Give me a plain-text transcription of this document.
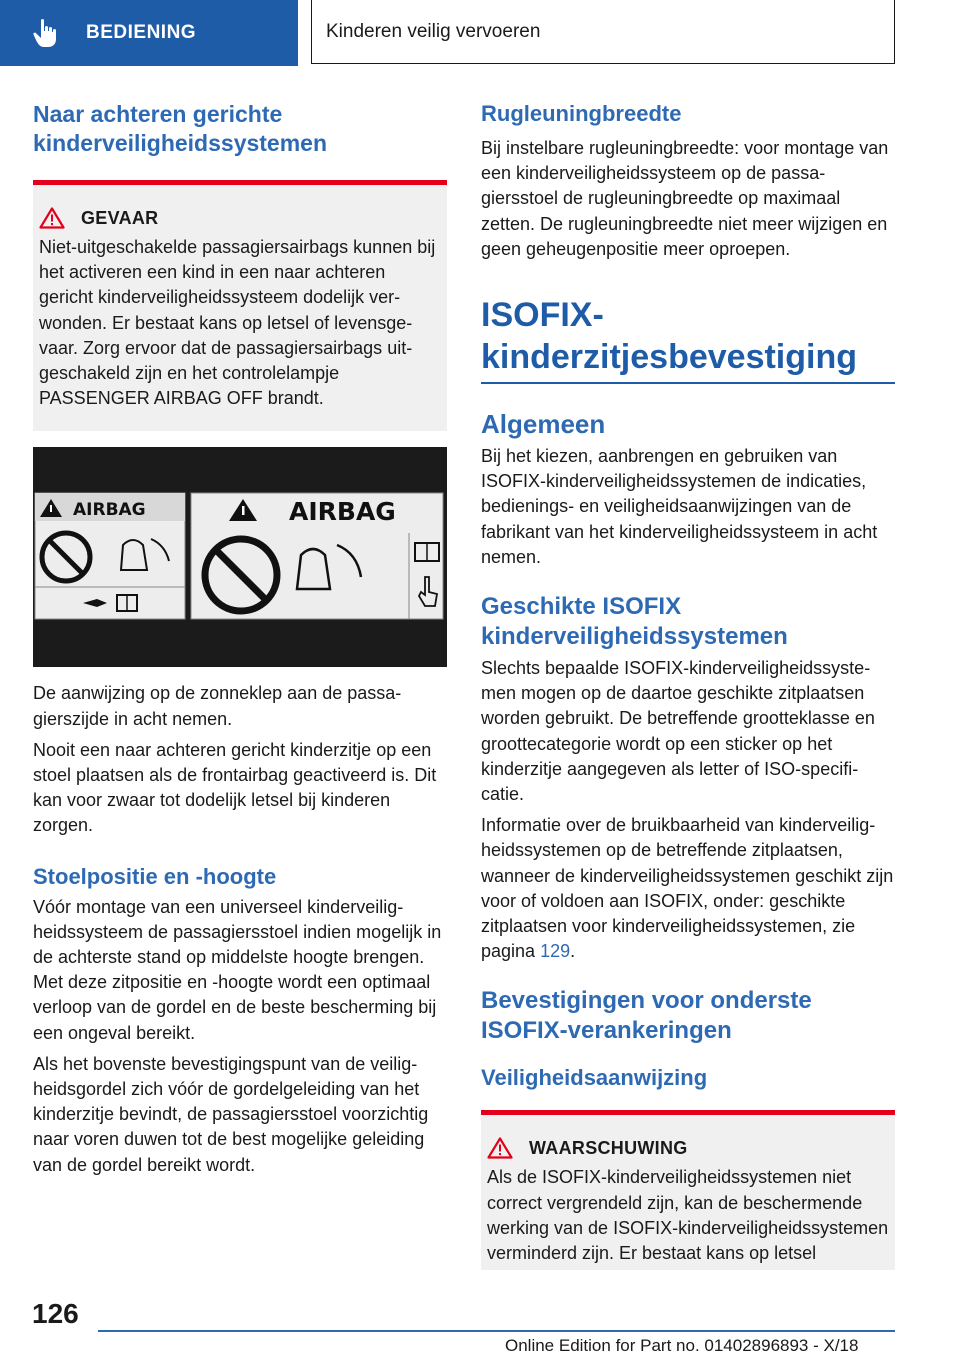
BEDIENING	Kinderen veilig vervoeren
Naar achteren gerichte kinderveiligheidssystemen
GEVAAR

Niet-uitgeschakelde passagiersairbags kunnen bij het activeren een kind in een naar achteren gericht kinderveiligheidssysteem dodelijk verwonden. Er bestaat kans op letsel of levensgevaar. Zorg ervoor dat de passagiersairbags uitgeschakeld zijn en het controlelampje PASSENGER AIRBAG OFF brandt.

AIRBAG	AIRBAG

De aanwijzing op de zonneklep aan de passagierszijde in acht nemen.

Nooit een naar achteren gericht kinderzitje op een stoel plaatsen als de frontairbag geactiveerd is. Dit kan voor zwaar tot dodelijk letsel bij kinderen zorgen.

Stoelpositie en -hoogte

Vóór montage van een universeel kinderveiligheidssysteem de passagiersstoel indien mogelijk in de achterste stand op middelste hoogte brengen. Met deze zitpositie en -hoogte wordt een optimaal verloop van de gordel en de beste bescherming bij een ongeval bereikt.

Als het bovenste bevestigingspunt van de veiligheidsgordel zich vóór de gordelgeleiding van het kinderzitje bevindt, de passagiersstoel voorzichtig naar voren duwen tot de best mogelijke geleiding van de gordel bereikt wordt.

Rugleuningbreedte

Bij instelbare rugleuningbreedte: voor montage van een kinderveiligheidssysteem op de passagiersstoel de rugleuningbreedte op maximaal zetten. De rugleuningbreedte niet meer wijzigen en geen geheugenpositie meer oproepen.

ISOFIX-kinderzitjesbevestiging
Algemeen

Bij het kiezen, aanbrengen en gebruiken van ISOFIX-kinderveiligheidssystemen de indicaties, bedienings- en veiligheidsaanwijzingen van de fabrikant van het kinderveiligheidssysteem in acht nemen.

Geschikte ISOFIX kinderveiligheidssystemen

Slechts bepaalde ISOFIX-kinderveiligheidssystemen mogen op de daartoe geschikte zitplaatsen worden gebruikt. De betreffende grootteklasse en groottecategorie wordt op een sticker op het kinderzitje aangegeven als letter of ISO-specificatie.

Informatie over de bruikbaarheid van kinderveiligheidssystemen op de betreffende zitplaatsen, wanneer de kinderveiligheidssystemen geschikt zijn voor of voldoen aan ISOFIX, onder: geschikte zitplaatsen voor kinderveiligheidssystemen, zie pagina 129.

Bevestigingen voor onderste ISOFIX-verankeringen
Veiligheidsaanwijzing
WAARSCHUWING

Als de ISOFIX-kinderveiligheidssystemen niet correct vergrendeld zijn, kan de beschermende werking van de ISOFIX-kinderveiligheidssystemen verminderd zijn. Er bestaat kans op letsel

126
Online Edition for Part no. 01402896893 - X/18
